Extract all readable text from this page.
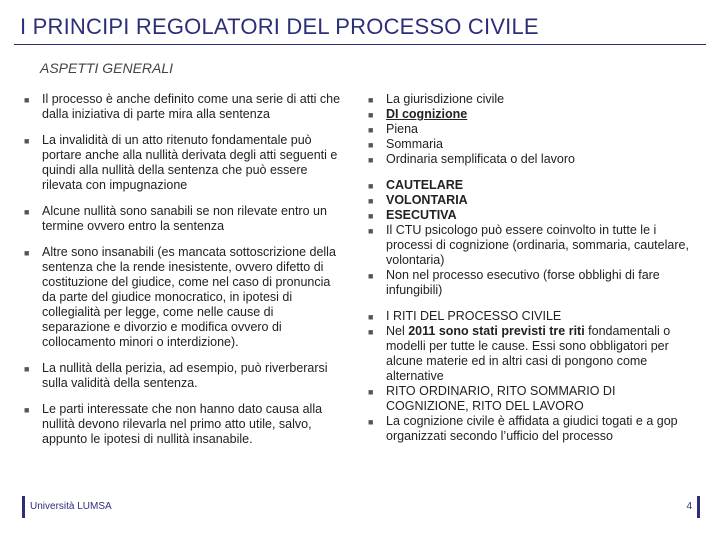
I PRINCIPI REGOLATORI DEL PROCESSO CIVILE
ASPETTI GENERALI
■ Il processo è anche definito come una serie di atti che dalla iniziativa di parte mira alla sentenza
■ La invalidità di un atto ritenuto fondamentale può portare anche alla nullità derivata degli atti seguenti e quindi alla nullità della sentenza che può essere rilevata con impugnazione
■ Alcune nullità sono sanabili se non rilevate entro un termine ovvero entro la sentenza
■ Altre sono insanabili (es mancata sottoscrizione della sentenza che la rende inesistente, ovvero difetto di costituzione del giudice, come nel caso di pronuncia da parte del giudice monocratico, in ipotesi di collegialità per legge, come nelle cause di separazione e divorzio e modifica ovvero di collocamento minori o interdizione).
■ La nullità della perizia, ad esempio, può riverberarsi sulla validità della sentenza.
■ Le parti interessate che non hanno dato causa alla nullità devono rilevarla nel primo atto utile, salvo, appunto le ipotesi di nullità insanabile.
■ La giurisdizione civile
■ DI cognizione
■ Piena
■ Sommaria
■ Ordinaria semplificata o del lavoro
■ CAUTELARE
■ VOLONTARIA
■ ESECUTIVA
■ Il CTU psicologo può essere coinvolto in tutte le i processi di cognizione (ordinaria, sommaria, cautelare, volontaria)
■ Non nel processo esecutivo (forse obblighi di fare infungibili)
■ I RITI DEL PROCESSO CIVILE
■ Nel 2011 sono stati previsti tre riti fondamentali o modelli per tutte le cause. Essi sono obbligatori per alcune materie ed in altri casi di pongono come alternative
■ RITO ORDINARIO, RITO SOMMARIO DI COGNIZIONE, RITO DEL LAVORO
■ La cognizione civile è affidata a giudici togati e a gop organizzati secondo l’ufficio del processo
Università LUMSA	4
